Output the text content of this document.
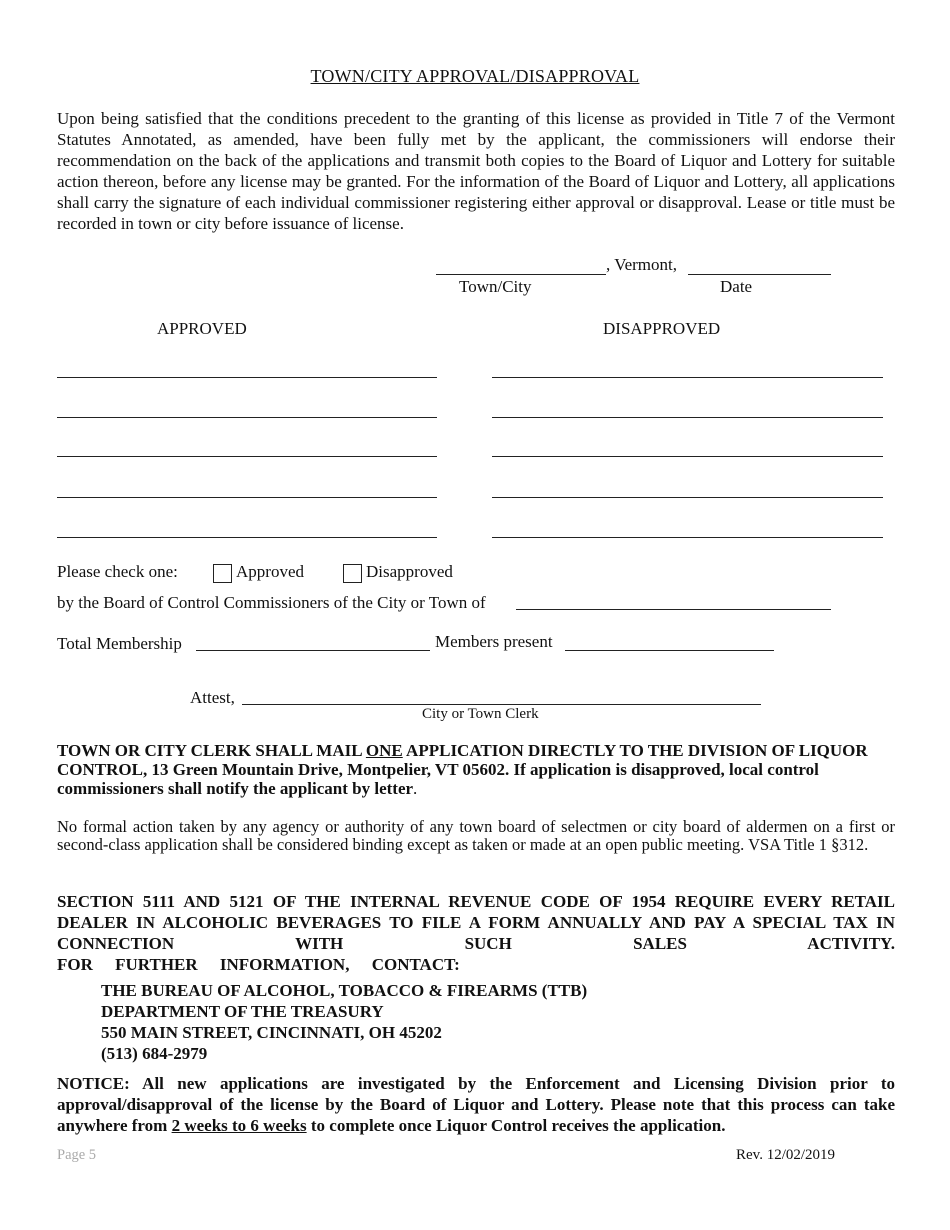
TOWN/CITY APPROVAL/DISAPPROVAL
Upon being satisfied that the conditions precedent to the granting of this license as provided in Title 7 of the Vermont Statutes Annotated, as amended, have been fully met by the applicant, the commissioners will endorse their recommendation on the back of the applications and transmit both copies to the Board of Liquor and Lottery for suitable action thereon, before any license may be granted. For the information of the Board of Liquor and Lottery, all applications shall carry the signature of each individual commissioner registering either approval or disapproval. Lease or title must be recorded in town or city before issuance of license.
, Vermont,
Town/City	Date
APPROVED	DISAPPROVED
Please check one:	Approved	Disapproved
by the Board of Control Commissioners of the City or Town of
Total Membership	Members present
Attest,
City or Town Clerk
TOWN OR CITY CLERK SHALL MAIL ONE APPLICATION DIRECTLY TO THE DIVISION OF LIQUOR CONTROL, 13 Green Mountain Drive, Montpelier, VT 05602. If application is disapproved, local control commissioners shall notify the applicant by letter.
No formal action taken by any agency or authority of any town board of selectmen or city board of aldermen on a first or second-class application shall be considered binding except as taken or made at an open public meeting. VSA Title 1 §312.
SECTION 5111 AND 5121 OF THE INTERNAL REVENUE CODE OF 1954 REQUIRE EVERY RETAIL DEALER IN ALCOHOLIC BEVERAGES TO FILE A FORM ANNUALLY AND PAY A SPECIAL TAX IN CONNECTION WITH SUCH SALES ACTIVITY.
FOR FURTHER INFORMATION, CONTACT:
THE BUREAU OF ALCOHOL, TOBACCO & FIREARMS (TTB)
DEPARTMENT OF THE TREASURY
550 MAIN STREET, CINCINNATI, OH 45202
(513) 684-2979
NOTICE: All new applications are investigated by the Enforcement and Licensing Division prior to approval/disapproval of the license by the Board of Liquor and Lottery. Please note that this process can take anywhere from 2 weeks to 6 weeks to complete once Liquor Control receives the application.
Page 5	Rev. 12/02/2019
